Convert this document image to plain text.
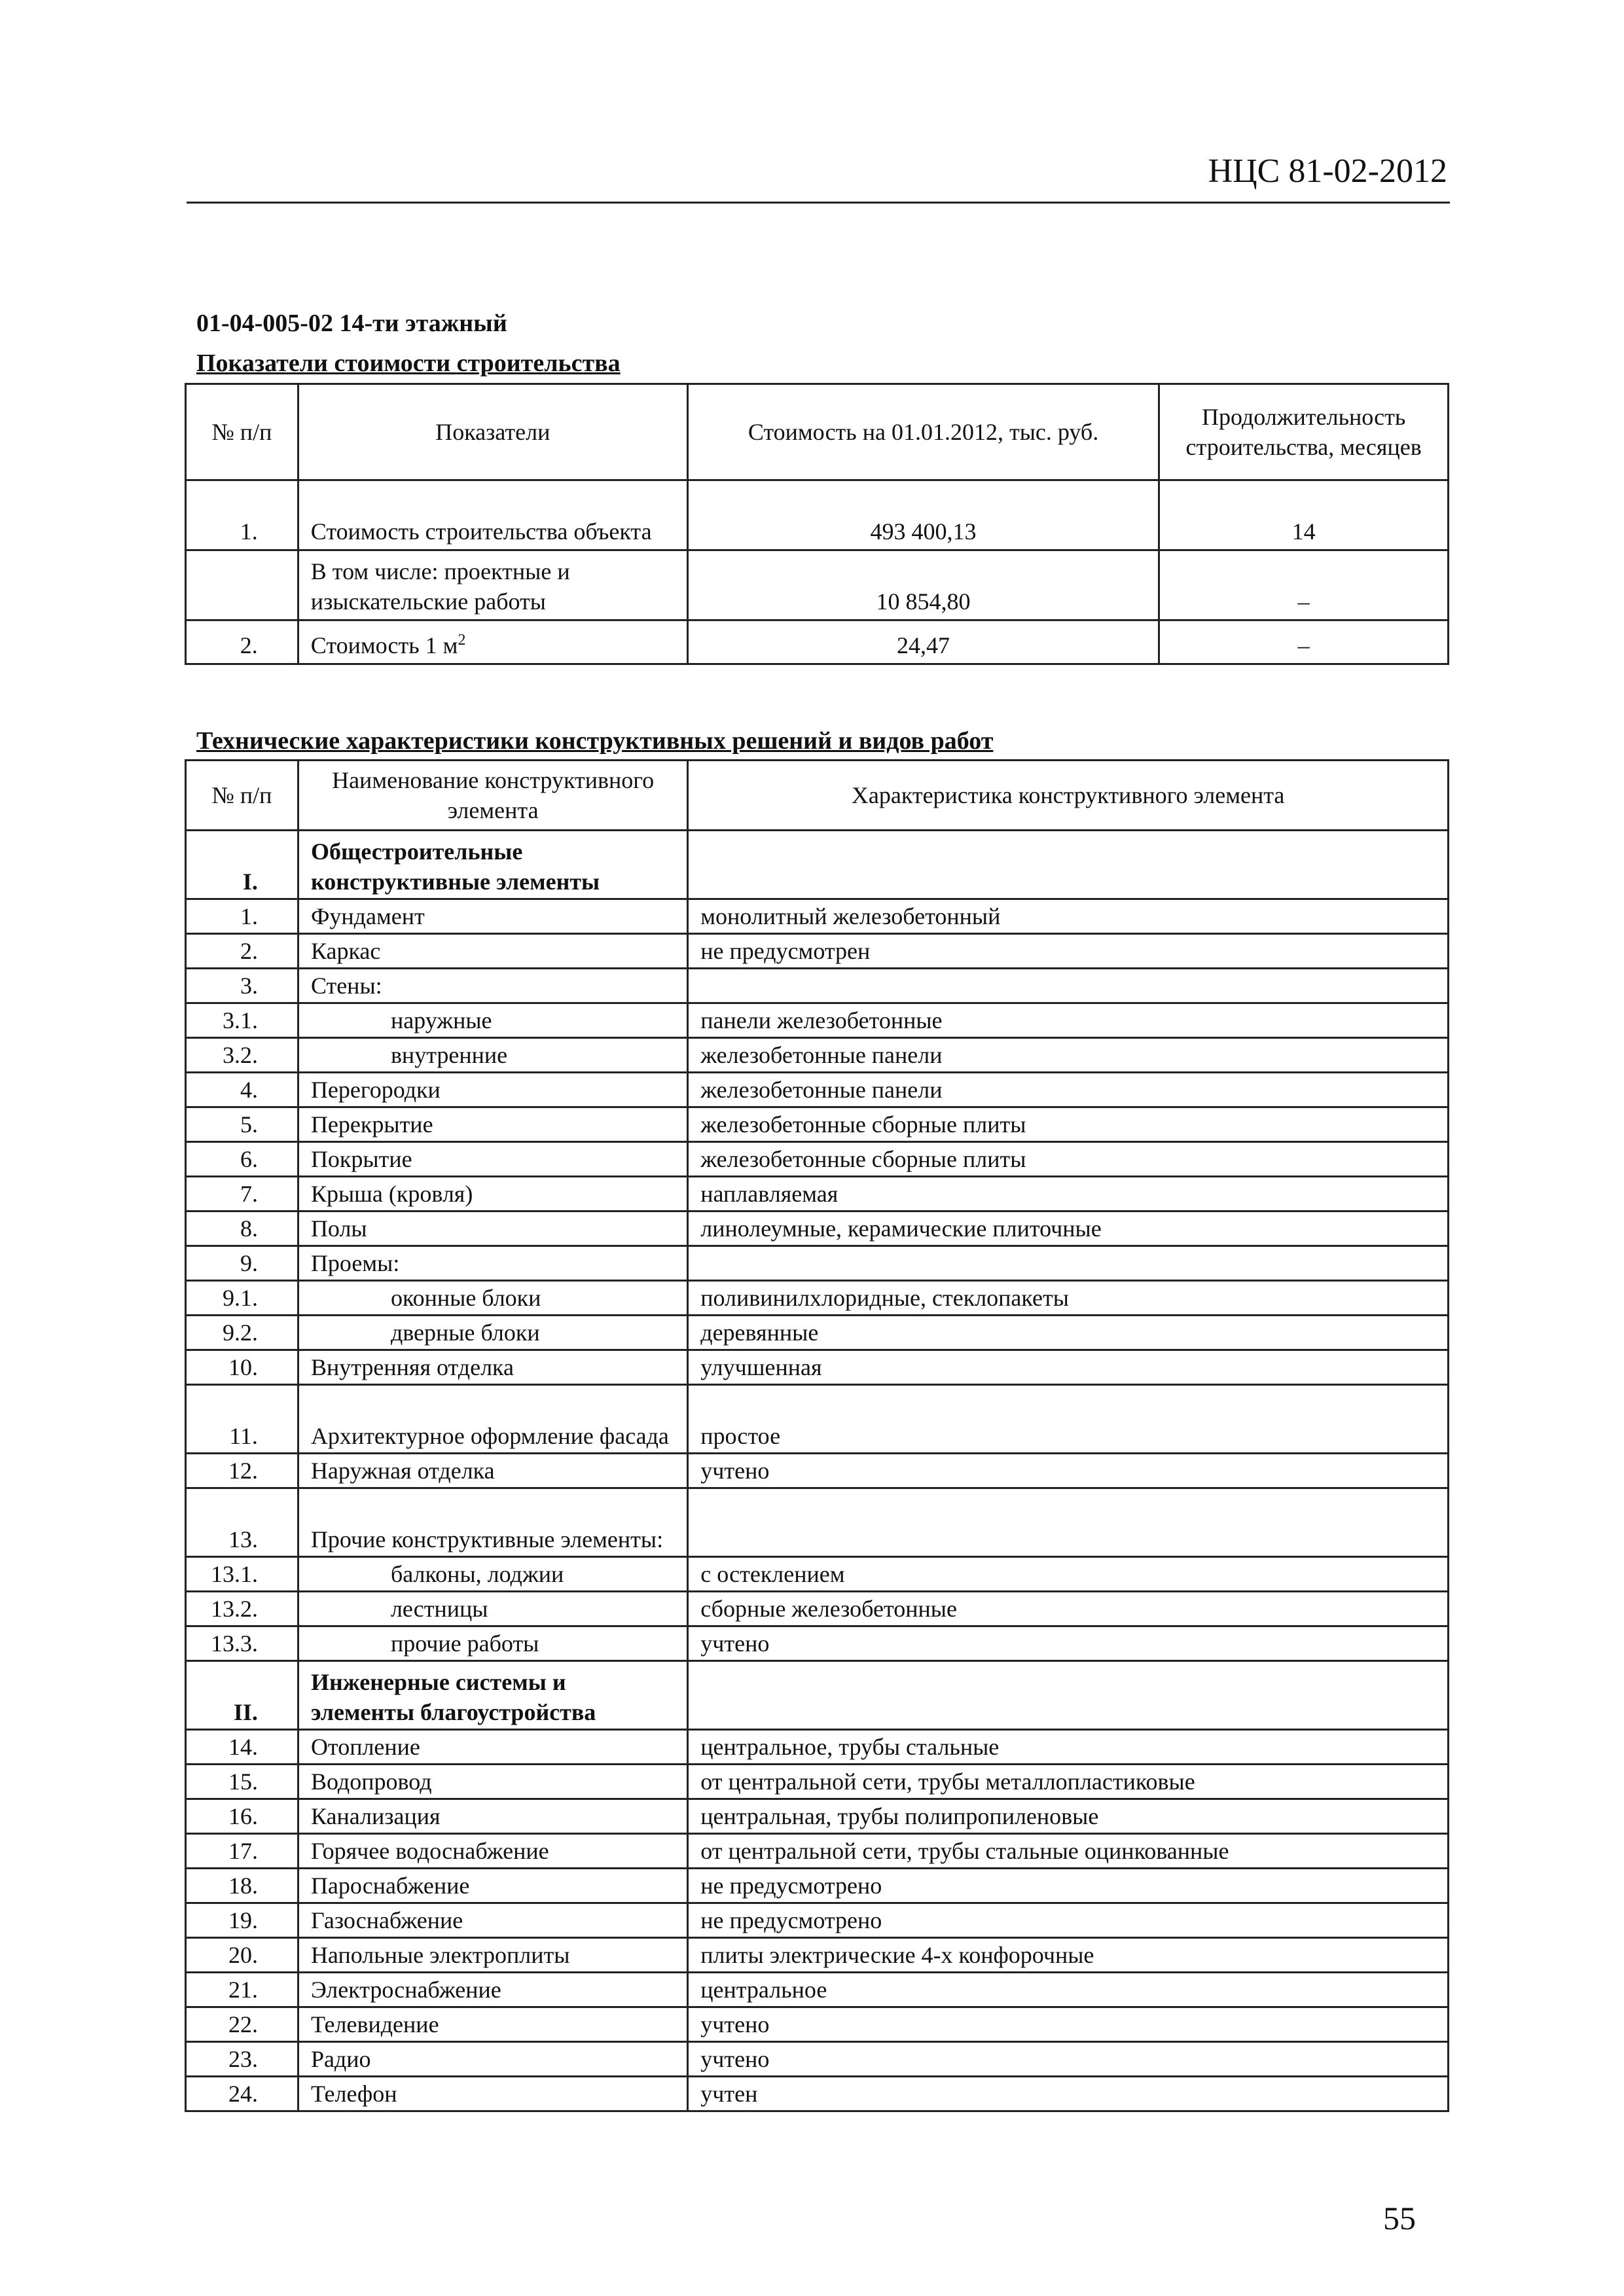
НЦС 81-02-2012
01-04-005-02 14-ти этажный
Показатели стоимости строительства
№ п/п	Показатели	Стоимость на 01.01.2012, тыс. руб.	Продолжительность строительства, месяцев
1.	Стоимость строительства объекта	493 400,13	14
	В том числе: проектные и изыскательские работы	10 854,80	–
2.	Стоимость 1 $м^2$	24,47	–
Технические характеристики конструктивных решений и видов работ
№ п/п	Наименование конструктивного элемента	Характеристика конструктивного элемента
I.	Общестроительные конструктивные элементы	
1.	Фундамент	монолитный железобетонный
2.	Каркас	не предусмотрен
3.	Стены:	
3.1.	наружные	панели железобетонные
3.2.	внутренние	железобетонные панели
4.	Перегородки	железобетонные панели
5.	Перекрытие	железобетонные сборные плиты
6.	Покрытие	железобетонные сборные плиты
7.	Крыша (кровля)	наплавляемая
8.	Полы	линолеумные, керамические плиточные
9.	Проемы:	
9.1.	оконные блоки	поливинилхлоридные, стеклопакеты
9.2.	дверные блоки	деревянные
10.	Внутренняя отделка	улучшенная
11.	Архитектурное оформление фасада	простое
12.	Наружная отделка	учтено
13.	Прочие конструктивные элементы:	
13.1.	балконы, лоджии	с остеклением
13.2.	лестницы	сборные железобетонные
13.3.	прочие работы	учтено
II.	Инженерные системы и элементы благоустройства	
14.	Отопление	центральное, трубы стальные
15.	Водопровод	от центральной сети, трубы металлопластиковые
16.	Канализация	центральная, трубы полипропиленовые
17.	Горячее водоснабжение	от центральной сети, трубы стальные оцинкованные
18.	Пароснабжение	не предусмотрено
19.	Газоснабжение	не предусмотрено
20.	Напольные электроплиты	плиты электрические 4-х конфорочные
21.	Электроснабжение	центральное
22.	Телевидение	учтено
23.	Радио	учтено
24.	Телефон	учтен
55
